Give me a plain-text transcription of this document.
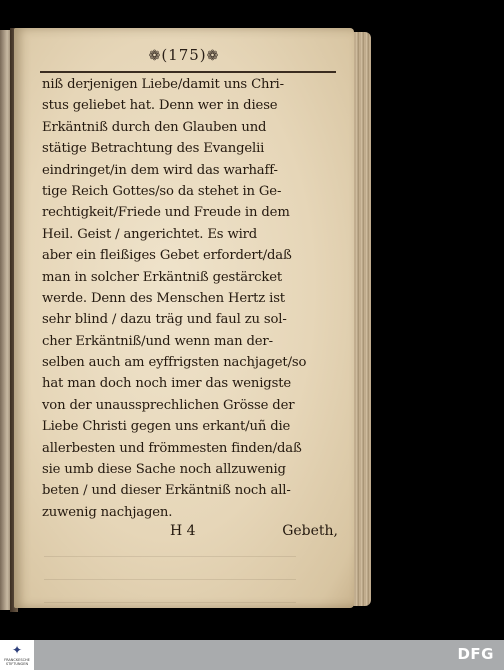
❁(175)❁
niß derjenigen Liebe/damit uns Chri-
stus geliebet hat. Denn wer in diese
Erkäntniß durch den Glauben und
stätige Betrachtung des Evangelii
eindringet/in dem wird das warhaff-
tige Reich Gottes/so da stehet in Ge-
rechtigkeit/Friede und Freude in dem
Heil. Geist / angerichtet. Es wird
aber ein fleißiges Gebet erfordert/daß
man in solcher Erkäntniß gestärcket
werde. Denn des Menschen Hertz ist
sehr blind / dazu träg und faul zu sol-
cher Erkäntniß/und wenn man der-
selben auch am eyffrigsten nachjaget/so
hat man doch noch imer das wenigste
von der unaussprechlichen Grösse der
Liebe Christi gegen uns erkant/uñ die
allerbesten und frömmesten finden/daß
sie umb diese Sache noch allzuwenig
beten / und dieser Erkäntniß noch all-
zuwenig nachjagen.
H 4	Gebeth,
✦
FRANCKESCHE STIFTUNGEN
DFG
